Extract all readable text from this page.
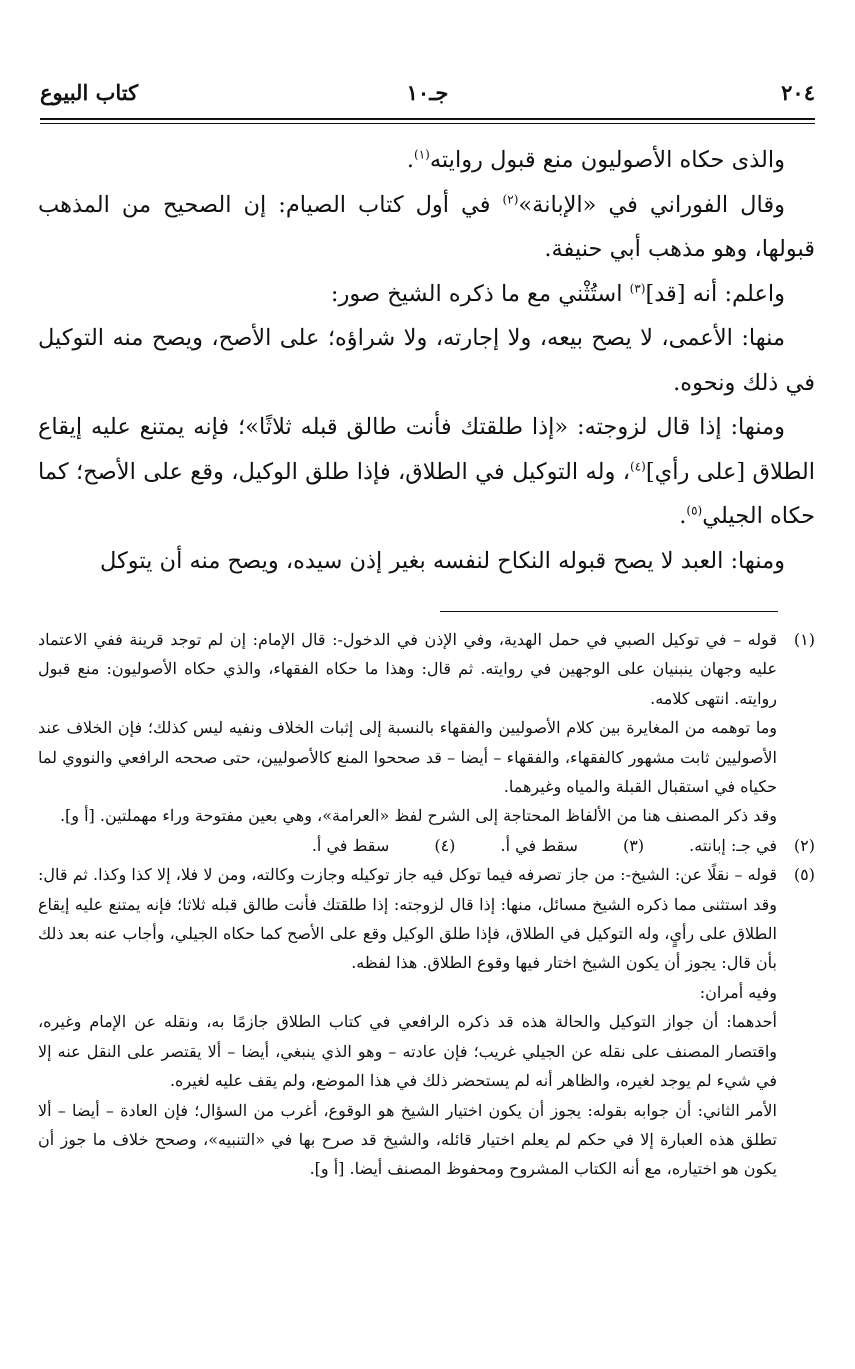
٢٠٤
جـ١٠
كتاب البيوع

والذى حكاه الأصوليون منع قبول روايته$^{(١)}$.

وقال الفوراني في «الإبانة»$^{(٢)}$ في أول كتاب الصيام: إن الصحيح من المذهب قبولها، وهو مذهب أبي حنيفة.

واعلم: أنه [قد]$^{(٣)}$ استُثْني مع ما ذكره الشيخ صور:

منها: الأعمى، لا يصح بيعه، ولا إجارته، ولا شراؤه؛ على الأصح، ويصح منه التوكيل في ذلك ونحوه.

ومنها: إذا قال لزوجته: «إذا طلقتك فأنت طالق قبله ثلاثًا»؛ فإنه يمتنع عليه إيقاع الطلاق [على رأي]$^{(٤)}$، وله التوكيل في الطلاق، فإذا طلق الوكيل، وقع على الأصح؛ كما حكاه الجيلي$^{(٥)}$.

ومنها: العبد لا يصح قبوله النكاح لنفسه بغير إذن سيده، ويصح منه أن يتوكل

(١)

قوله – في توكيل الصبي في حمل الهدية، وفي الإذن في الدخول-: قال الإمام: إن لم توجد قرينة ففي الاعتماد عليه وجهان ينبنيان على الوجهين في روايته. ثم قال: وهذا ما حكاه الفقهاء، والذي حكاه الأصوليون: منع قبول روايته. انتهى كلامه.

وما توهمه من المغايرة بين كلام الأصوليين والفقهاء بالنسبة إلى إثبات الخلاف ونفيه ليس كذلك؛ فإن الخلاف عند الأصوليين ثابت مشهور كالفقهاء، والفقهاء – أيضا – قد صححوا المنع كالأصوليين، حتى صححه الرافعي والنووي لما حكياه في استقبال القبلة والمياه وغيرهما.

وقد ذكر المصنف هنا من الألفاظ المحتاجة إلى الشرح لفظ «العرامة»، وهي بعين مفتوحة وراء مهملتين. [أ و].

(٢)
في جـ: إبانته. (٣) سقط في أ. (٤) سقط في أ.
(٥)

قوله – نقلًا عن: الشيخ-: من جاز تصرفه فيما توكل فيه جاز توكيله وجازت وكالته، ومن لا فلا، إلا كذا وكذا. ثم قال: وقد استثنى مما ذكره الشيخ مسائل، منها: إذا قال لزوجته: إذا طلقتك فأنت طالق قبله ثلاثا؛ فإنه يمتنع عليه إيقاع الطلاق على رأيٍ، وله التوكيل في الطلاق، فإذا طلق الوكيل وقع على الأصح كما حكاه الجيلي، وأجاب عنه بعد ذلك بأن قال: يجوز أن يكون الشيخ اختار فيها وقوع الطلاق. هذا لفظه.

وفيه أمران:

أحدهما: أن جواز التوكيل والحالة هذه قد ذكره الرافعي في كتاب الطلاق جازمًا به، ونقله عن الإمام وغيره، واقتصار المصنف على نقله عن الجيلي غريب؛ فإن عادته – وهو الذي ينبغي، أيضا – ألا يقتصر على النقل عنه إلا في شيء لم يوجد لغيره، والظاهر أنه لم يستحضر ذلك في هذا الموضع، ولم يقف عليه لغيره.

الأمر الثاني: أن جوابه بقوله: يجوز أن يكون اختيار الشيخ هو الوقوع، أغرب من السؤال؛ فإن العادة – أيضا – ألا تطلق هذه العبارة إلا في حكم لم يعلم اختيار قائله، والشيخ قد صرح بها في «التنبيه»، وصحح خلاف ما جوز أن يكون هو اختياره، مع أنه الكتاب المشروح ومحفوظ المصنف أيضا. [أ و].
